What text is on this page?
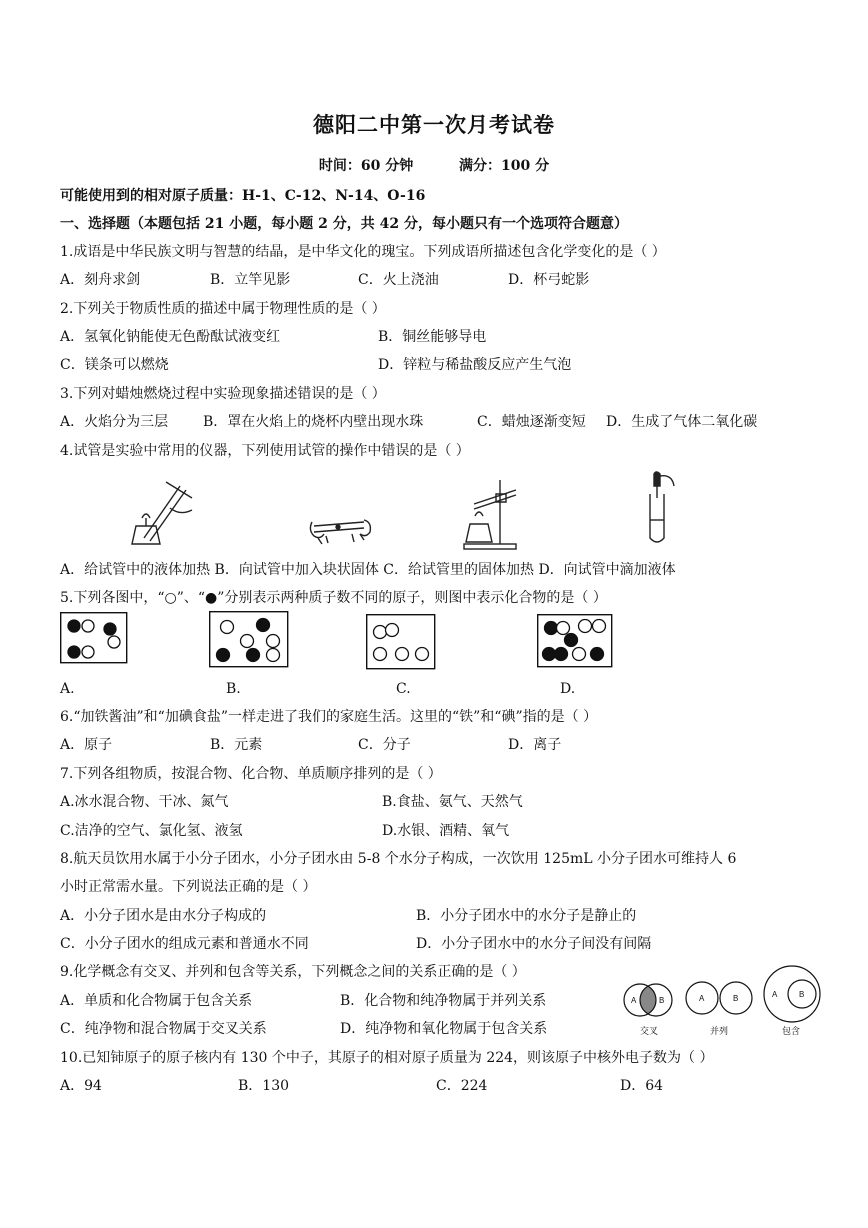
德阳二中第一次月考试卷
时间：60 分钟	满分：100 分
可能使用到的相对原子质量：H-1、C-12、N-14、O-16
一、选择题（本题包括 21 小题，每小题 2 分，共 42 分，每小题只有一个选项符合题意）
1.成语是中华民族文明与智慧的结晶，是中华文化的瑰宝。下列成语所描述包含化学变化的是（ ）
A．刻舟求剑	B．立竿见影	C．火上浇油	D．杯弓蛇影
2.下列关于物质性质的描述中属于物理性质的是（ ）
A．氢氧化钠能使无色酚酞试液变红	B．铜丝能够导电
C．镁条可以燃烧	D．锌粒与稀盐酸反应产生气泡
3.下列对蜡烛燃烧过程中实验现象描述错误的是（ ）
A．火焰分为三层 B．罩在火焰上的烧杯内壁出现水珠	C．蜡烛逐渐变短 D．生成了气体二氧化碳
4.试管是实验中常用的仪器，下列使用试管的操作中错误的是（ ）
A．给试管中的液体加热 B．向试管中加入块状固体 C．给试管里的固体加热 D．向试管中滴加液体
5.下列各图中，“○”、“●”分别表示两种质子数不同的原子，则图中表示化合物的是（ ）
A.	B.	C.	D.
6.“加铁酱油”和“加碘食盐”一样走进了我们的家庭生活。这里的“铁”和“碘”指的是（ ）
A．原子	B．元素	C．分子	D．离子
7.下列各组物质，按混合物、化合物、单质顺序排列的是（ ）
A.冰水混合物、干冰、氮气	B.食盐、氨气、天然气
C.洁净的空气、氯化氢、液氢	D.水银、酒精、氧气
8.航天员饮用水属于小分子团水，小分子团水由 5-8 个水分子构成，一次饮用 125mL 小分子团水可维持人 6
小时正常需水量。下列说法正确的是（ ）
A．小分子团水是由水分子构成的	B．小分子团水中的水分子是静止的
C．小分子团水的组成元素和普通水不同	D．小分子团水中的水分子间没有间隔
9.化学概念有交叉、并列和包含等关系，下列概念之间的关系正确的是（ ）
A．单质和化合物属于包含关系	B．化合物和纯净物属于并列关系
C．纯净物和混合物属于交叉关系	D．纯净物和氧化物属于包含关系
A	B	A	B	A	B
交叉	并列	包含
10.已知铈原子的原子核内有 130 个中子，其原子的相对原子质量为 224，则该原子中核外电子数为（ ）
A．94	B．130	C．224	D．64
